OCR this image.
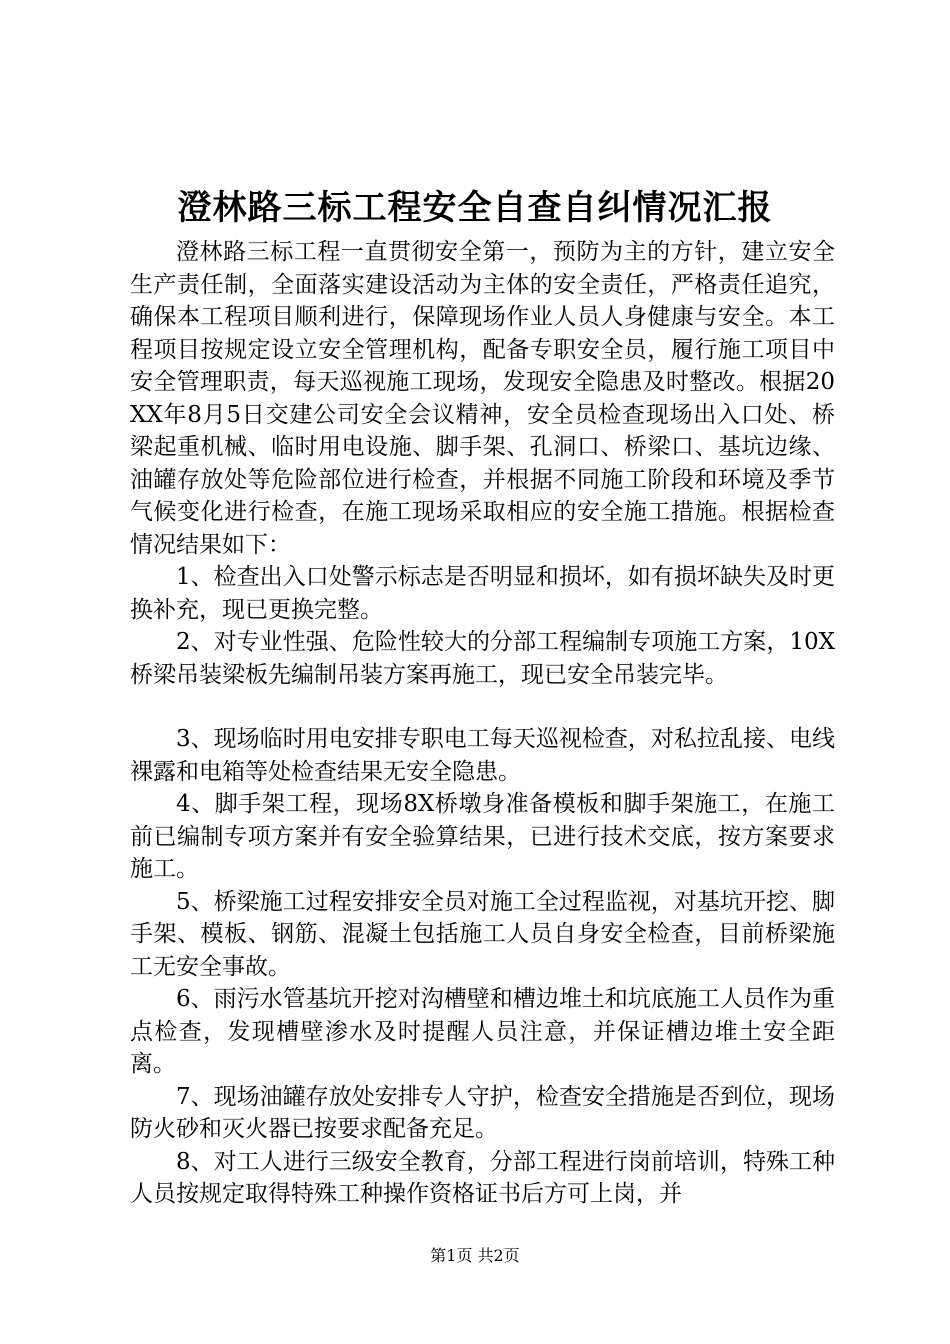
澄林路三标工程安全自查自纠情况汇报

澄林路三标工程一直贯彻安全第一，预防为主的方针，建立安全生产责任制，全面落实建设活动为主体的安全责任，严格责任追究，确保本工程项目顺利进行，保障现场作业人员人身健康与安全。本工程项目按规定设立安全管理机构，配备专职安全员，履行施工项目中安全管理职责，每天巡视施工现场，发现安全隐患及时整改。根据20XX年8月5日交建公司安全会议精神，安全员检查现场出入口处、桥梁起重机械、临时用电设施、脚手架、孔洞口、桥梁口、基坑边缘、油罐存放处等危险部位进行检查，并根据不同施工阶段和环境及季节气候变化进行检查，在施工现场采取相应的安全施工措施。根据检查情况结果如下：

1、检查出入口处警示标志是否明显和损坏，如有损坏缺失及时更换补充，现已更换完整。

2、对专业性强、危险性较大的分部工程编制专项施工方案，10X桥梁吊装梁板先编制吊装方案再施工，现已安全吊装完毕。

3、现场临时用电安排专职电工每天巡视检查，对私拉乱接、电线裸露和电箱等处检查结果无安全隐患。

4、脚手架工程，现场8X桥墩身准备模板和脚手架施工，在施工前已编制专项方案并有安全验算结果，已进行技术交底，按方案要求施工。

5、桥梁施工过程安排安全员对施工全过程监视，对基坑开挖、脚手架、模板、钢筋、混凝土包括施工人员自身安全检查，目前桥梁施工无安全事故。

6、雨污水管基坑开挖对沟槽壁和槽边堆土和坑底施工人员作为重点检查，发现槽壁渗水及时提醒人员注意，并保证槽边堆土安全距离。

7、现场油罐存放处安排专人守护，检查安全措施是否到位，现场防火砂和灭火器已按要求配备充足。

8、对工人进行三级安全教育，分部工程进行岗前培训，特殊工种人员按规定取得特殊工种操作资格证书后方可上岗，并

第1页 共2页
